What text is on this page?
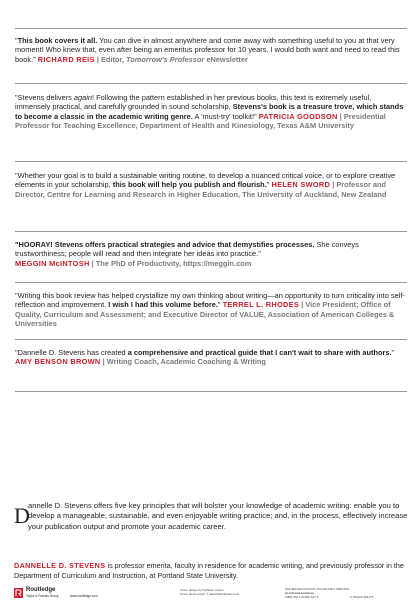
"This book covers it all. You can dive in almost anywhere and come away with something useful to you at that very moment! Who knew that, even after being an emeritus professor for 10 years, I would both want and need to read this book." RICHARD REIS | Editor, Tomorrow's Professor eNewsletter
"Stevens delivers again! Following the pattern established in her previous books, this text is extremely useful, immensely practical, and carefully grounded in sound scholarship. Stevens's book is a treasure trove, which stands to become a classic in the academic writing genre. A 'must-try' toolkit!" PATRICIA GOODSON | Presidential Professor for Teaching Excellence, Department of Health and Kinesiology, Texas A&M University
"Whether your goal is to build a sustainable writing routine, to develop a nuanced critical voice, or to explore creative elements in your scholarship, this book will help you publish and flourish." HELEN SWORD | Professor and Director, Centre for Learning and Research in Higher Education, The University of Auckland, New Zealand
"HOORAY! Stevens offers practical strategies and advice that demystifies processes. She conveys trustworthiness; people will read and then integrate her ideas into practice."
MEGGIN McINTOSH | The PhD of Productivity, https://meggin.com
"Writing this book review has helped crystallize my own thinking about writing—an opportunity to turn criticality into self-reflection and improvement. I wish I had this volume before." TERREL L. RHODES | Vice President; Office of Quality, Curriculum and Assessment; and Executive Director of VALUE, Association of American Colleges & Universities
"Dannelle D. Stevens has created a comprehensive and practical guide that I can't wait to share with authors." AMY BENSON BROWN | Writing Coach, Academic Coaching & Writing
D
annelle D. Stevens offers five key principles that will bolster your knowledge of academic writing: enable you to develop a manageable, sustainable, and even enjoyable writing practice; and, in the process, effectively increase your publication output and promote your academic career.
DANNELLE D. STEVENS is professor emerita, faculty in residence for academic writing, and previously professor in the Department of Curriculum and Instruction, at Portland State University.
Routledge
Taylor & Francis Group	www.routledge.com
Cover design by Kathleen Dyson
Cover photo credit: © sjlam/iStockphoto.com
HIGHER EDUCATION | SCHOLARLY WRITING
an informa business
ISBN 978-1-62036-517-5	9 781620 365175
